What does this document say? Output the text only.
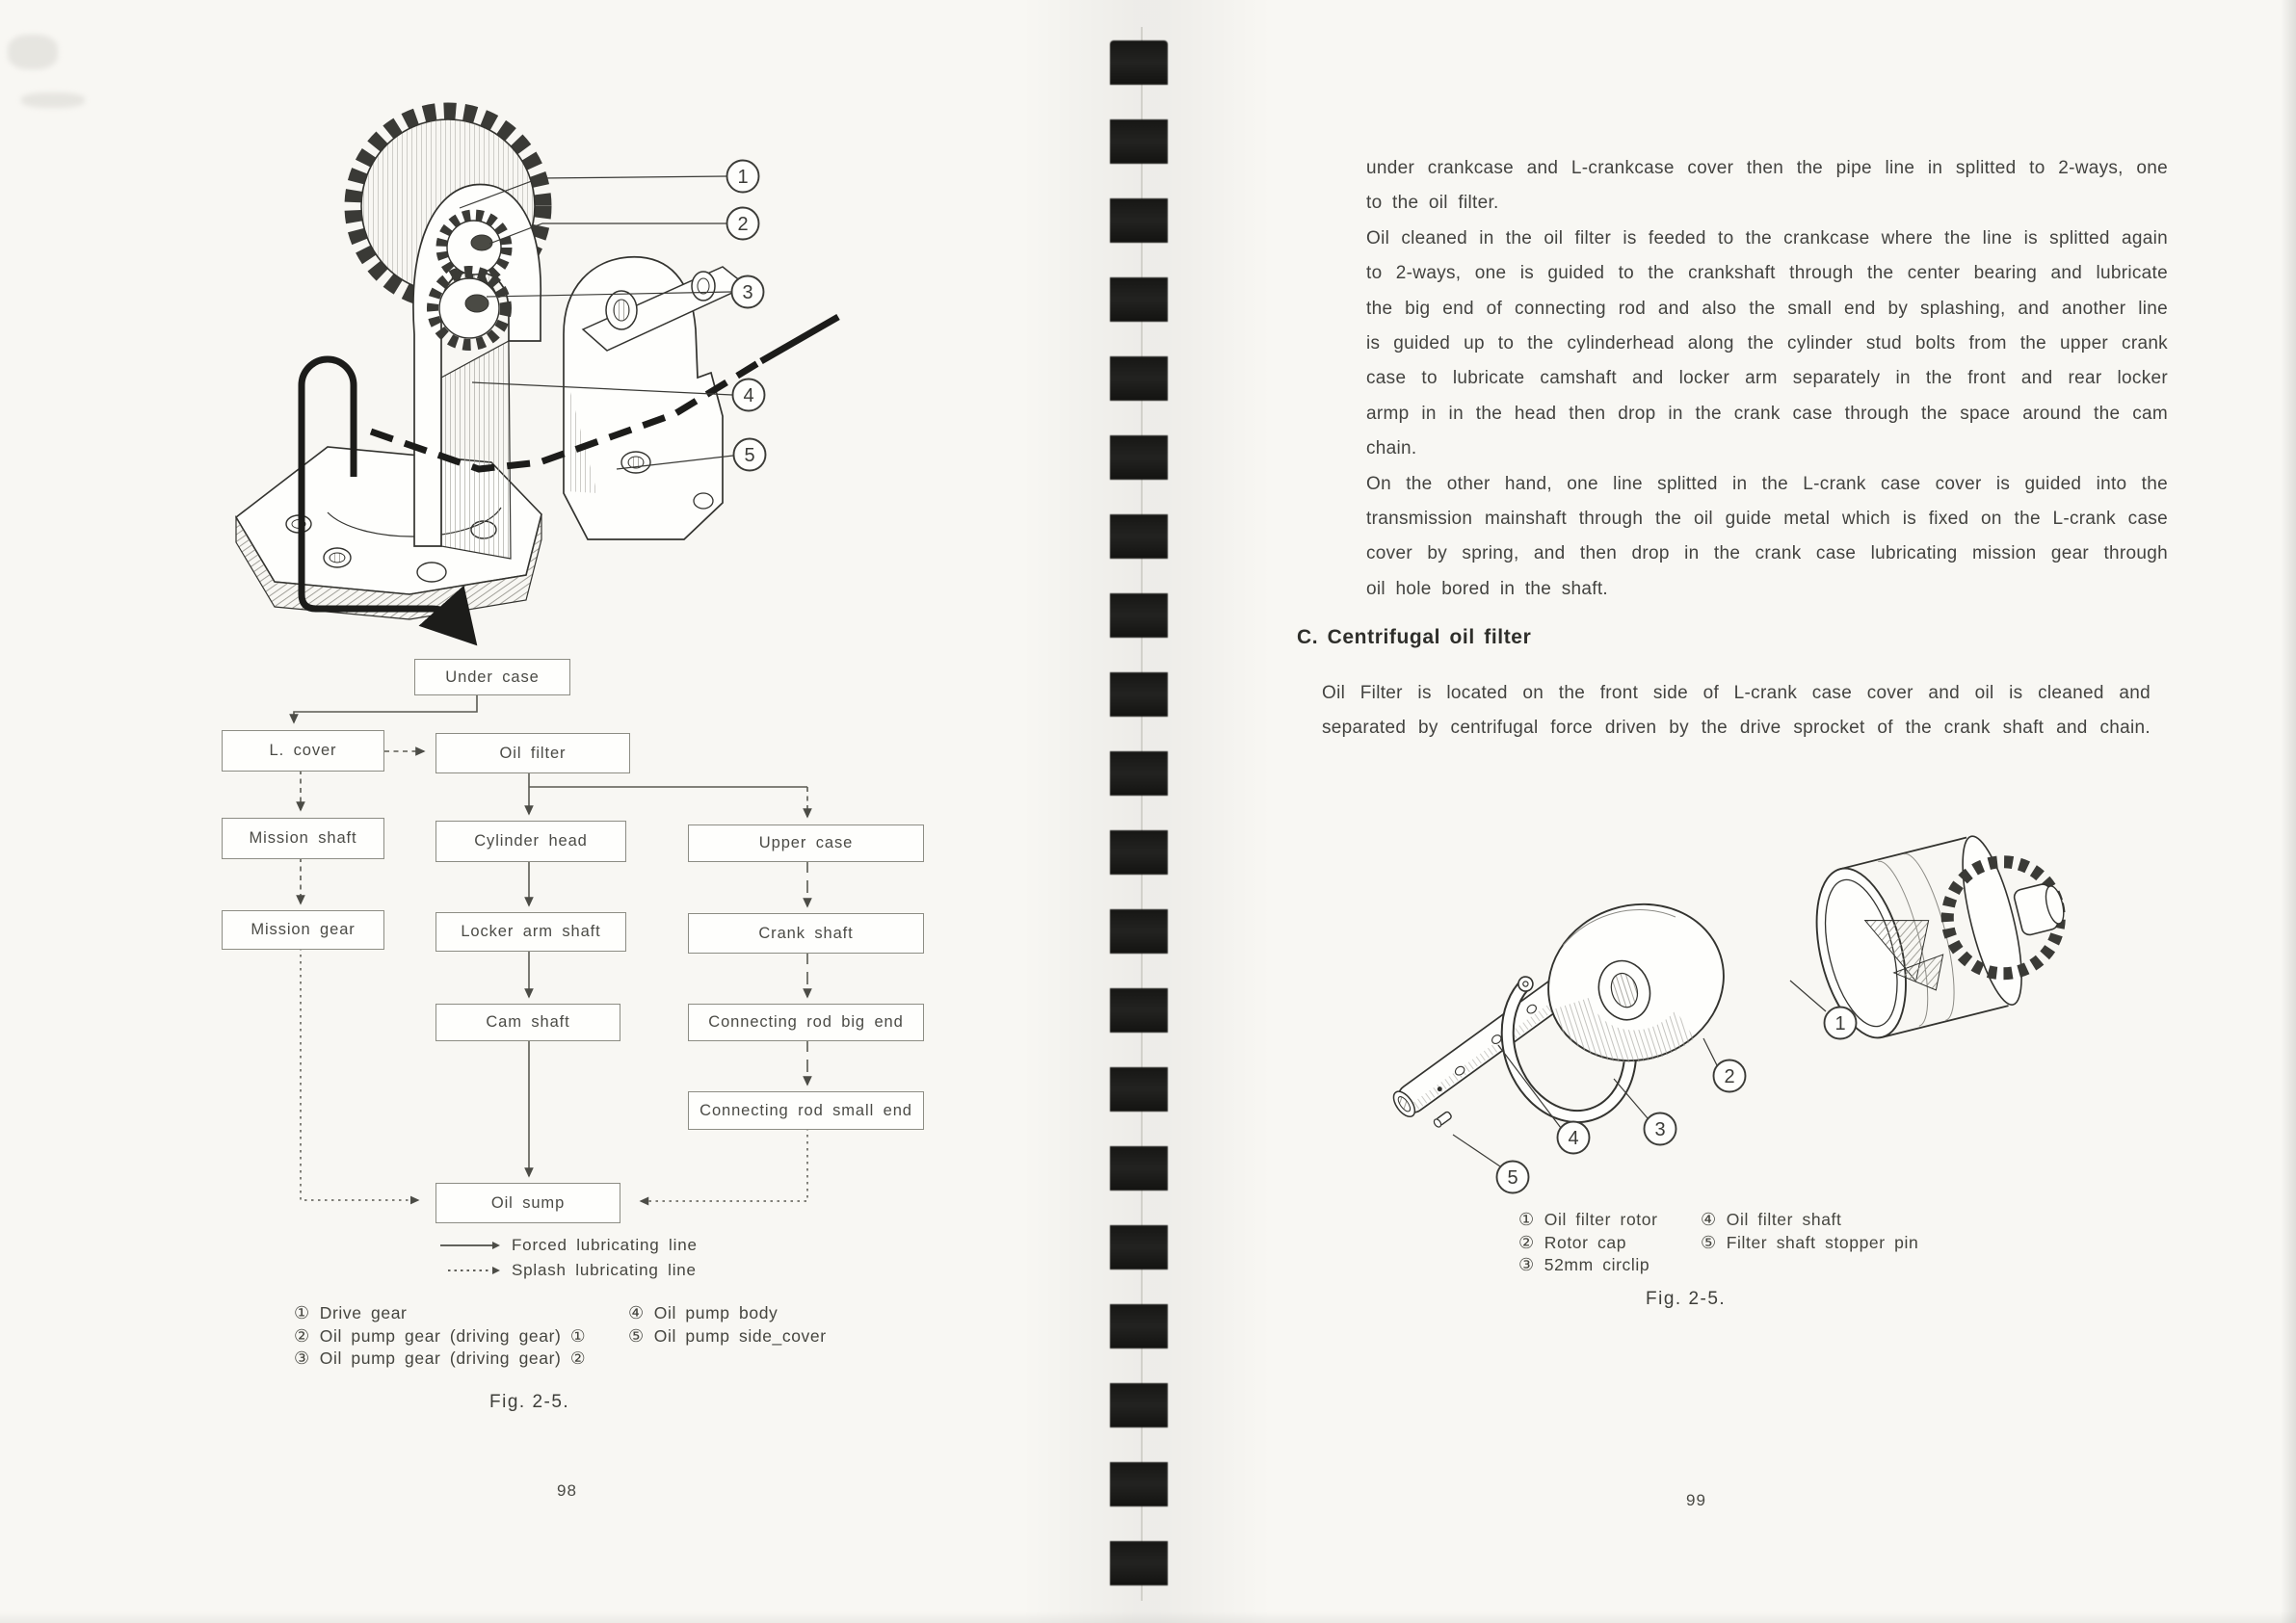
1
2
3
4
5
Under case
L. cover	Oil filter
Mission shaft	Cylinder head	Upper case
Mission gear	Locker arm shaft	Crank shaft
Cam shaft	Connecting rod big end
Connecting rod small end
Oil sump
Forced lubricating line
Splash lubricating line
① Drive gear
② Oil pump gear (driving gear) ①
③ Oil pump gear (driving gear) ②
④ Oil pump body
⑤ Oil pump side_cover
Fig. 2-5.
98
under crankcase and L-crankcase cover then the pipe line in splitted to 2-ways, one
to the oil filter.
Oil cleaned in the oil filter is feeded to the crankcase where the line is splitted again
to 2-ways, one is guided to the crankshaft through the center bearing and lubricate
the big end of connecting rod and also the small end by splashing, and another line
is guided up to the cylinderhead along the cylinder stud bolts from the upper crank
case to lubricate camshaft and locker arm separately in the front and rear locker
armp in in the head then drop in the crank case through the space around the cam
chain.
On the other hand, one line splitted in the L-crank case cover is guided into the
transmission mainshaft through the oil guide metal which is fixed on the L-crank case
cover by spring, and then drop in the crank case lubricating mission gear through
oil hole bored in the shaft.
C. Centrifugal oil filter
Oil Filter is located on the front side of L-crank case cover and oil is cleaned and
separated by centrifugal force driven by the drive sprocket of the crank shaft and chain.
1
2
3
4
5
① Oil filter rotor
② Rotor cap
③ 52mm circlip
④ Oil filter shaft
⑤ Filter shaft stopper pin
Fig. 2-5.
99
